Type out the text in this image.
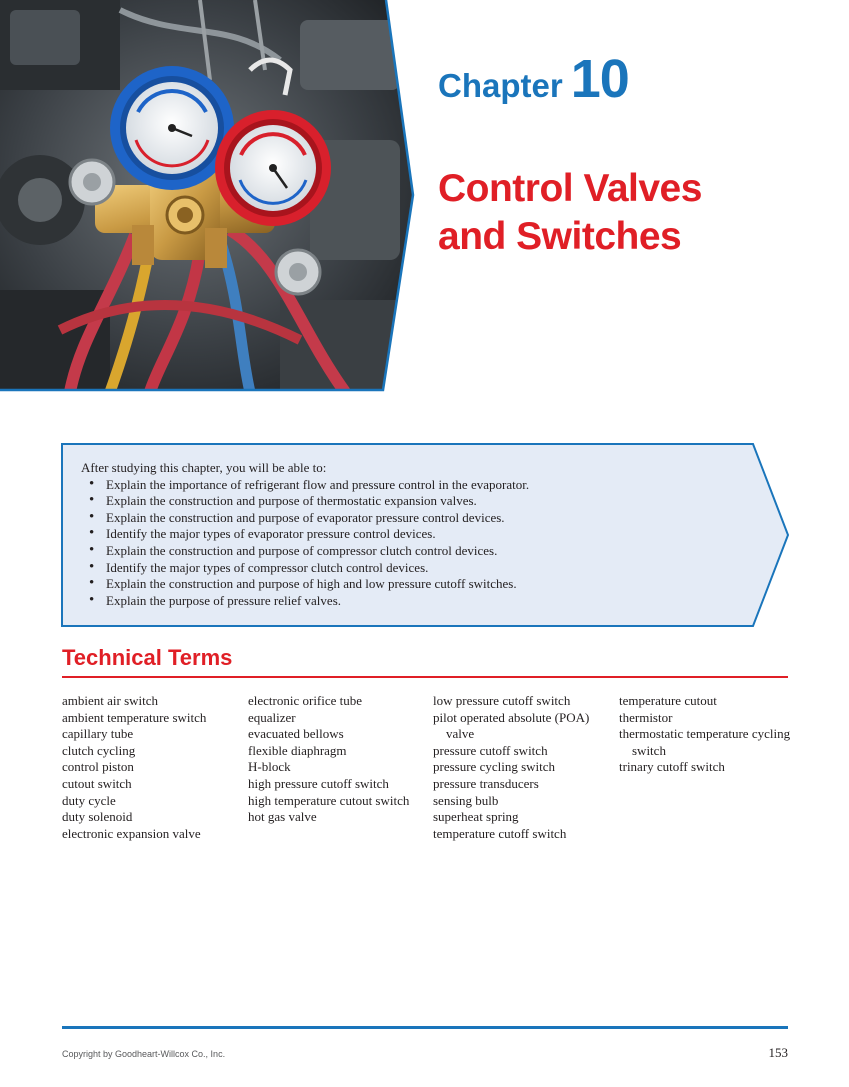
Chapter 10
Control Valves
and Switches
After studying this chapter, you will be able to:
• Explain the importance of refrigerant flow and pressure control in the evaporator.
• Explain the construction and purpose of thermostatic expansion valves.
• Explain the construction and purpose of evaporator pressure control devices.
• Identify the major types of evaporator pressure control devices.
• Explain the construction and purpose of compressor clutch control devices.
• Identify the major types of compressor clutch control devices.
• Explain the construction and purpose of high and low pressure cutoff switches.
• Explain the purpose of pressure relief valves.
Technical Terms
ambient air switch
ambient temperature switch
capillary tube
clutch cycling
control piston
cutout switch
duty cycle
duty solenoid
electronic expansion valve
electronic orifice tube
equalizer
evacuated bellows
flexible diaphragm
H-block
high pressure cutoff switch
high temperature cutout switch
hot gas valve
low pressure cutoff switch
pilot operated absolute (POA) valve
pressure cutoff switch
pressure cycling switch
pressure transducers
sensing bulb
superheat spring
temperature cutoff switch
temperature cutout
thermistor
thermostatic temperature cycling switch
trinary cutoff switch
Copyright by Goodheart-Willcox Co., Inc.	153
